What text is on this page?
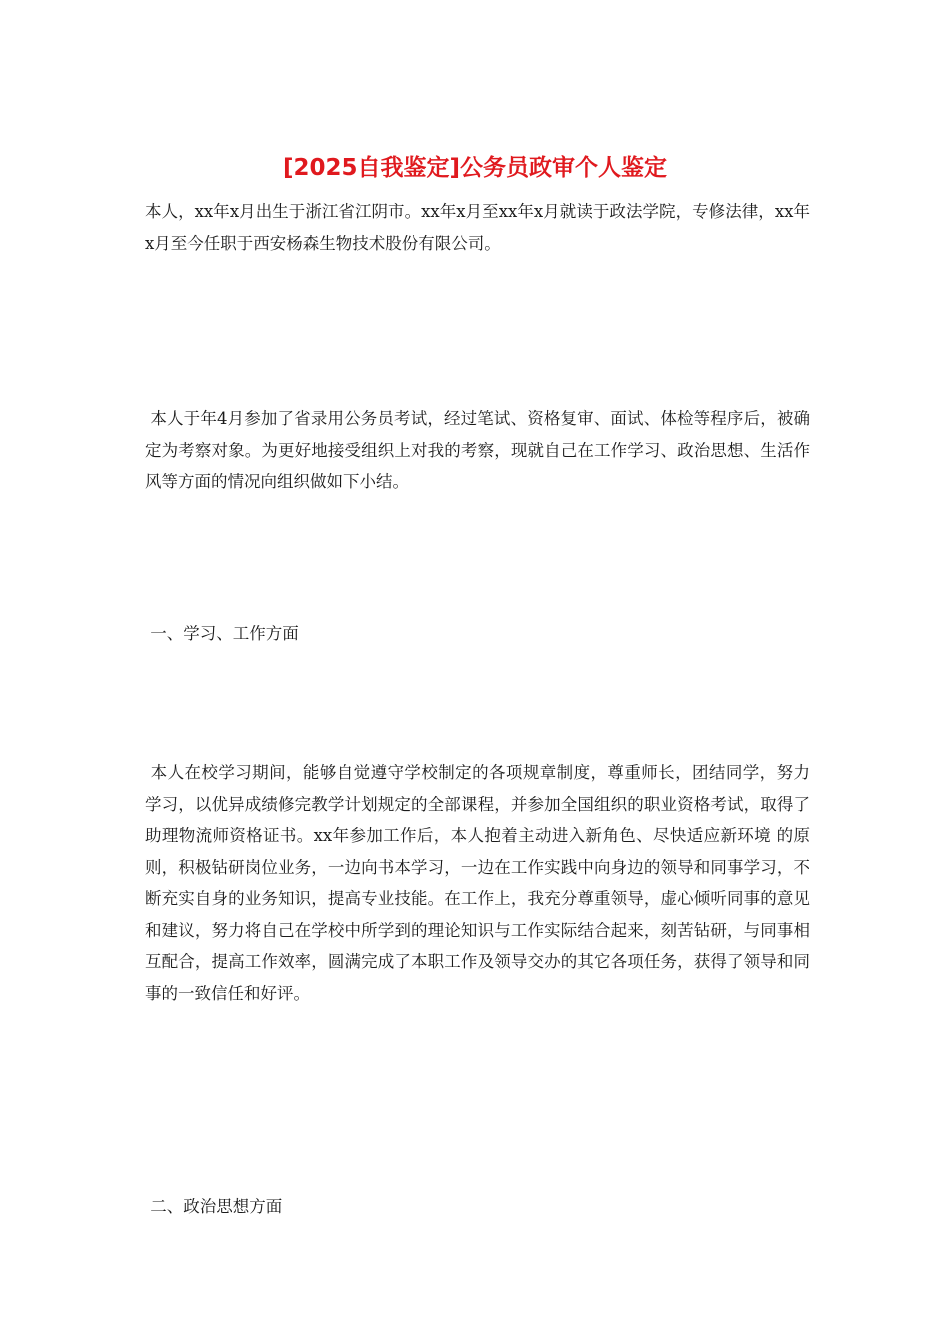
[2025自我鉴定]公务员政审个人鉴定

本人，xx年x月出生于浙江省江阴市。xx年x月至xx年x月就读于政法学院，专修法律，xx年x月至今任职于西安杨森生物技术股份有限公司。

本人于年4月参加了省录用公务员考试，经过笔试、资格复审、面试、体检等程序后，被确定为考察对象。为更好地接受组织上对我的考察，现就自己在工作学习、政治思想、生活作风等方面的情况向组织做如下小结。

一、学习、工作方面

本人在校学习期间，能够自觉遵守学校制定的各项规章制度，尊重师长，团结同学，努力学习，以优异成绩修完教学计划规定的全部课程，并参加全国组织的职业资格考试，取得了助理物流师资格证书。xx年参加工作后，本人抱着主动进入新角色、尽快适应新环境 的原则，积极钻研岗位业务，一边向书本学习，一边在工作实践中向身边的领导和同事学习，不断充实自身的业务知识，提高专业技能。在工作上，我充分尊重领导，虚心倾听同事的意见和建议，努力将自己在学校中所学到的理论知识与工作实际结合起来，刻苦钻研，与同事相互配合，提高工作效率，圆满完成了本职工作及领导交办的其它各项任务，获得了领导和同事的一致信任和好评。

二、政治思想方面
